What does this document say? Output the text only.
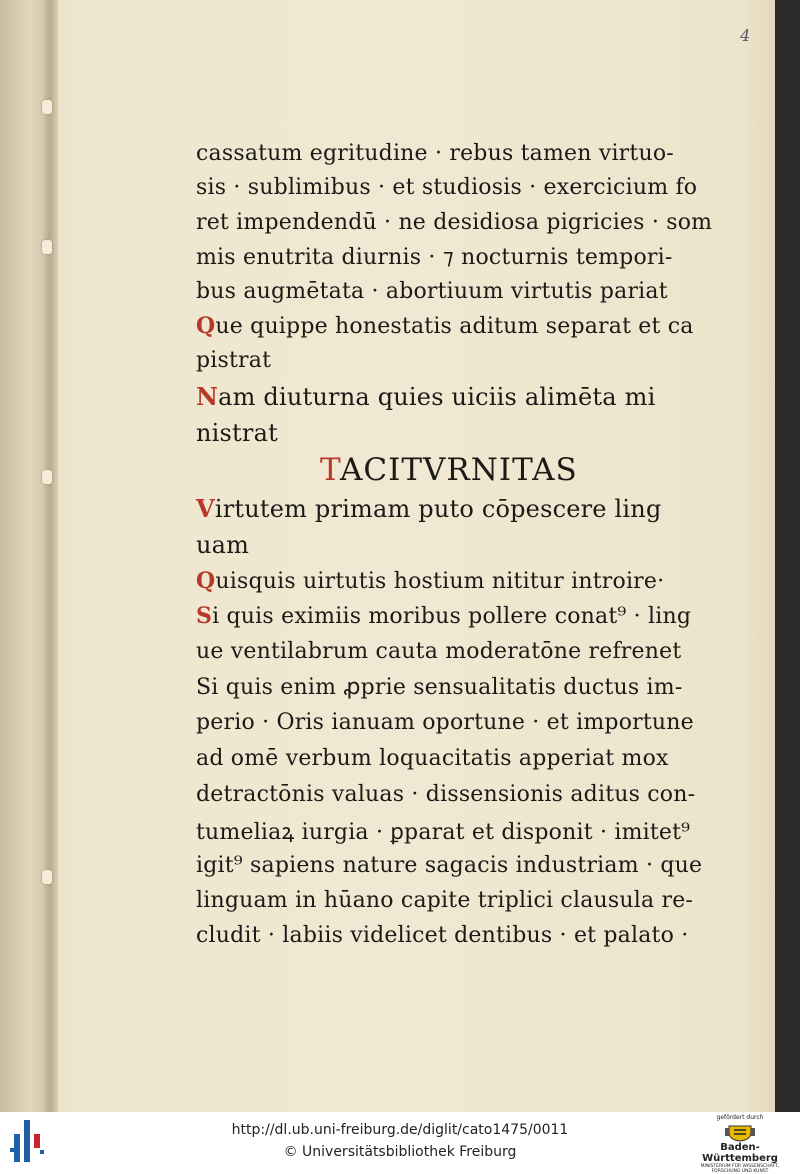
4
cassatum egritudine · rebus tamen virtuo-
sis · sublimibus · et studiosis · exercicium fo
ret impendendū · ne desidiosa pigricies · som
mis enutrita diurnis · ⁊ nocturnis tempori-
bus augmētata · abortiuum virtutis pariat
Que quippe honestatis aditum separat et ca
pistrat
Nam diuturna quies uiciis alimēta mi
nistrat
Virtutem primam puto cōpescere ling
uam
Quisquis uirtutis hostium nititur introire·
Si quis eximiis moribus pollere conat⁹ · ling
ue ventilabrum cauta moderatōne refrenet
Si quis enim ꝓprie sensualitatis ductus im-
perio · Oris ianuam oportune · et importune
ad omē verbum loquacitatis apperiat mox
detractōnis valuas · dissensionis aditus con-
tumeliaꝝ iurgia · ꝑparat et disponit · imitet⁹
igit⁹ sapiens nature sagacis industriam · que
linguam in hūano capite triplici clausula re-
cludit · labiis videlicet dentibus · et palato ·
TACITVRNITAS
http://dl.ub.uni-freiburg.de/diglit/cato1475/0011
© Universitätsbibliothek Freiburg
gefördert durch
Baden-Württemberg
MINISTERIUM FÜR WISSENSCHAFT, FORSCHUNG UND KUNST
